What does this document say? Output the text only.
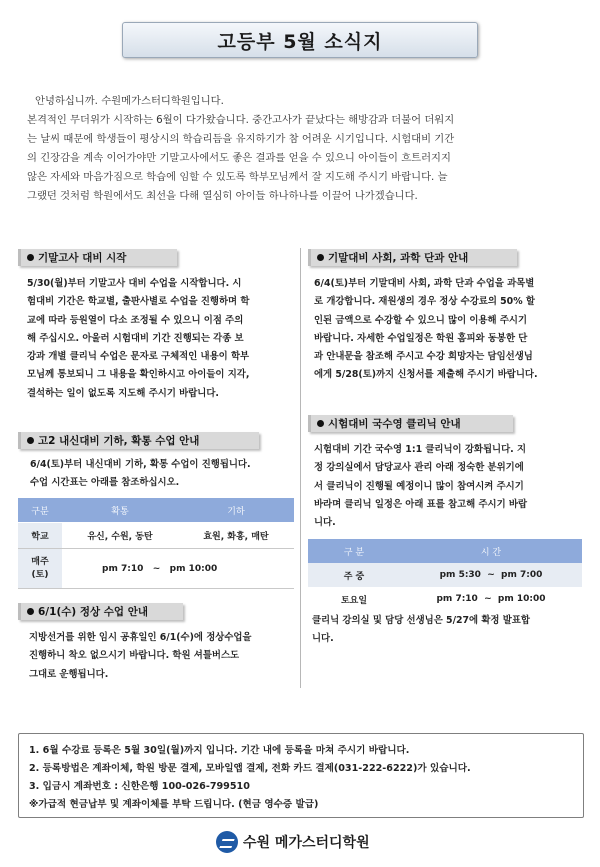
고등부 5월 소식지

안녕하십니까. 수원메가스터디학원입니다.

본격적인 무더위가 시작하는 6월이 다가왔습니다. 중간고사가 끝났다는 해방감과 더불어 더워지

는 날씨 때문에 학생들이 평상시의 학습리듬을 유지하기가 참 어려운 시기입니다. 시험대비 기간

의 긴장감을 계속 이어가야만 기말고사에서도 좋은 결과를 얻을 수 있으니 아이들이 흐트러지지

않은 자세와 마음가짐으로 학습에 임할 수 있도록 학부모님께서 잘 지도해 주시기 바랍니다. 늘

그랬던 것처럼 학원에서도 최선을 다해 열심히 아이들 하나하나를 이끌어 나가겠습니다.

기말고사 대비 시작

5/30(월)부터 기말고사 대비 수업을 시작합니다. 시

험대비 기간은 학교별, 출판사별로 수업을 진행하며 학

교에 따라 등원열이 다소 조정될 수 있으니 이점 주의

해 주십시오. 아울러 시험대비 기간 진행되는 각종 보

강과 개별 클리닉 수업은 문자로 구체적인 내용이 학부

모님께 통보되니 그 내용을 확인하시고 아이들이 지각,

결석하는 일이 없도록 지도해 주시기 바랍니다.

고2 내신대비 기하, 확통 수업 안내

6/4(토)부터 내신대비 기하, 확통 수업이 진행됩니다.

수업 시간표는 아래를 참조하십시오.

구분	확통	기하
학교	유신, 수원, 동탄	효원, 화홍, 매탄
매주
(토)	pm 7:10   ~   pm 10:00	
6/1(수) 정상 수업 안내

지방선거를 위한 임시 공휴일인 6/1(수)에 정상수업을

진행하니 착오 없으시기 바랍니다. 학원 셔틀버스도

그대로 운행됩니다.

기말대비 사회, 과학 단과 안내

6/4(토)부터 기말대비 사회, 과학 단과 수업을 과목별

로 개강합니다. 재원생의 경우 정상 수강료의 50% 할

인된 금액으로 수강할 수 있으니 많이 이용해 주시기

바랍니다. 자세한 수업일정은 학원 홈피와 동봉한 단

과 안내문을 참조해 주시고 수강 희망자는 담임선생님

에게 5/28(토)까지 신청서를 제출해 주시기 바랍니다.

시험대비 국수영 클리닉 안내

시험대비 기간 국수영 1:1 클리닉이 강화됩니다. 지

정 강의실에서 담당교사 관리 아래 정숙한 분위기에

서 클리닉이 진행될 예정이니 많이 참여시켜 주시기

바라며 클리닉 일정은 아래 표를 참고해 주시기 바랍

니다.

구 분	시 간
주 중	pm 5:30  ~  pm 7:00
토요일	pm 7:10  ~  pm 10:00

클리닉 강의실 및 담당 선생님은 5/27에 확정 발표합

니다.

1. 6월 수강료 등록은 5월 30일(월)까지 입니다. 기간 내에 등록을 마쳐 주시기 바랍니다.

2. 등록방법은 계좌이체, 학원 방문 결제, 모바일앱 결제, 전화 카드 결제(031-222-6222)가 있습니다.

3. 입금시 계좌번호 : 신한은행 100-026-799510

※가급적 현금납부 및 계좌이체를 부탁 드립니다. (현금 영수증 발급)

수원 메가스터디학원
